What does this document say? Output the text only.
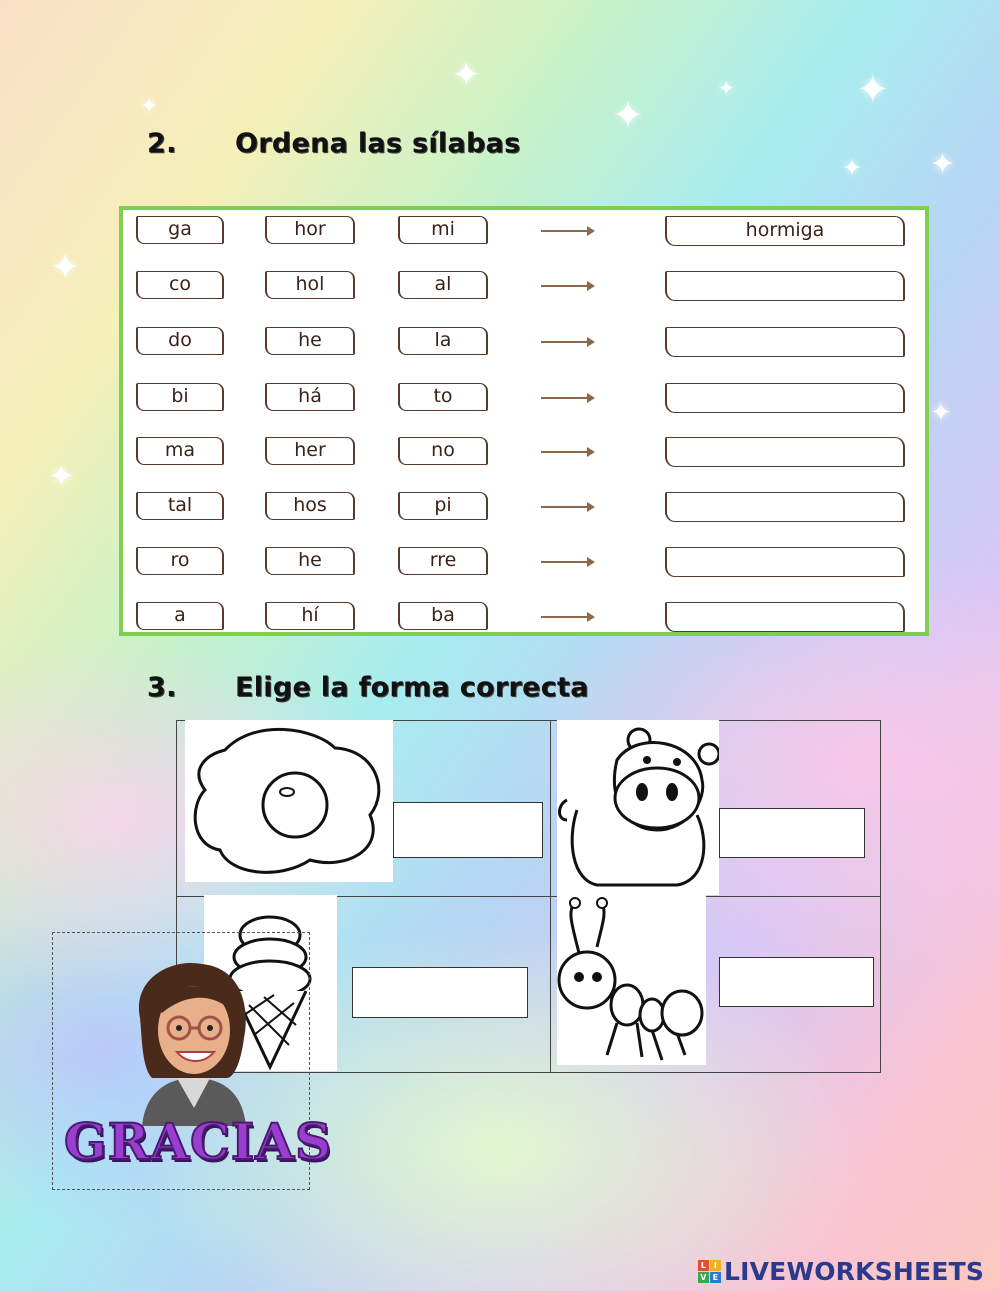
✦
✦
✦
✦
✦
✦
✦
✦
✦
✦
2. Ordena las sílabas
ga	hor	mi	hormiga
co	hol	al
do	he	la
bi	há	to
ma	her	no
tal	hos	pi
ro	he	rre
a	hí	ba
3. Elige la forma correcta
GRACIAS
L I
V E LIVEWORKSHEETS
